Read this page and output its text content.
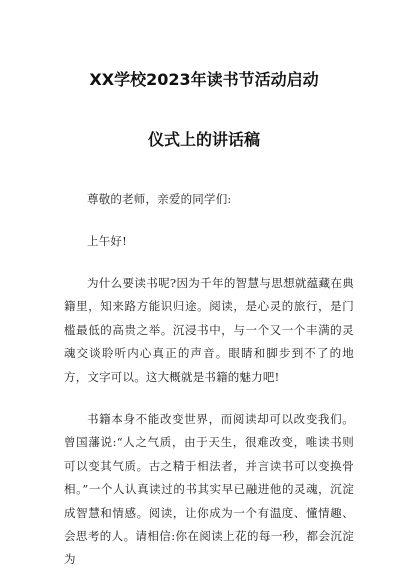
XX学校2023年读书节活动启动
仪式上的讲话稿

尊敬的老师，亲爱的同学们:

上午好!

为什么要读书呢?因为千年的智慧与思想就蕴藏在典籍里，知来路方能识归途。阅读，是心灵的旅行，是门槛最低的高贵之举。沉浸书中，与一个又一个丰满的灵魂交谈聆听内心真正的声音。眼睛和脚步到不了的地方，文字可以。这大概就是书籍的魅力吧!

书籍本身不能改变世界，而阅读却可以改变我们。曾国藩说:“人之气质，由于天生，很难改变，唯读书则可以变其气质。古之精于相法者，并言读书可以变换骨相。”一个人认真读过的书其实早已融进他的灵魂，沉淀成智慧和情感。阅读，让你成为一个有温度、懂情趣、会思考的人。请相信:你在阅读上花的每一秒，都会沉淀为
